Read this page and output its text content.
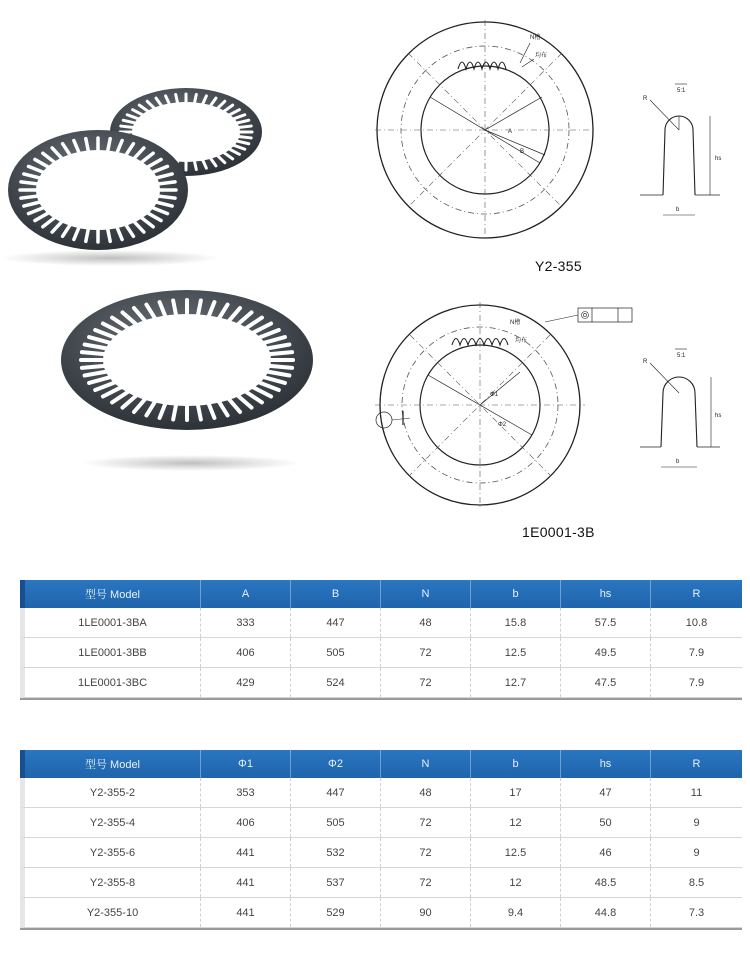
N槽
均布
A
B
Y2-355
5:1
R
hs
b
N槽
均布
Φ1
Φ2
1E0001-3B
5:1
R
hs
b
型号 Model	A	B	N	b	hs	R
1LE0001-3BA	333	447	48	15.8	57.5	10.8
1LE0001-3BB	406	505	72	12.5	49.5	7.9
1LE0001-3BC	429	524	72	12.7	47.5	7.9
型号 Model	Φ1	Φ2	N	b	hs	R
Y2-355-2	353	447	48	17	47	11
Y2-355-4	406	505	72	12	50	9
Y2-355-6	441	532	72	12.5	46	9
Y2-355-8	441	537	72	12	48.5	8.5
Y2-355-10	441	529	90	9.4	44.8	7.3
